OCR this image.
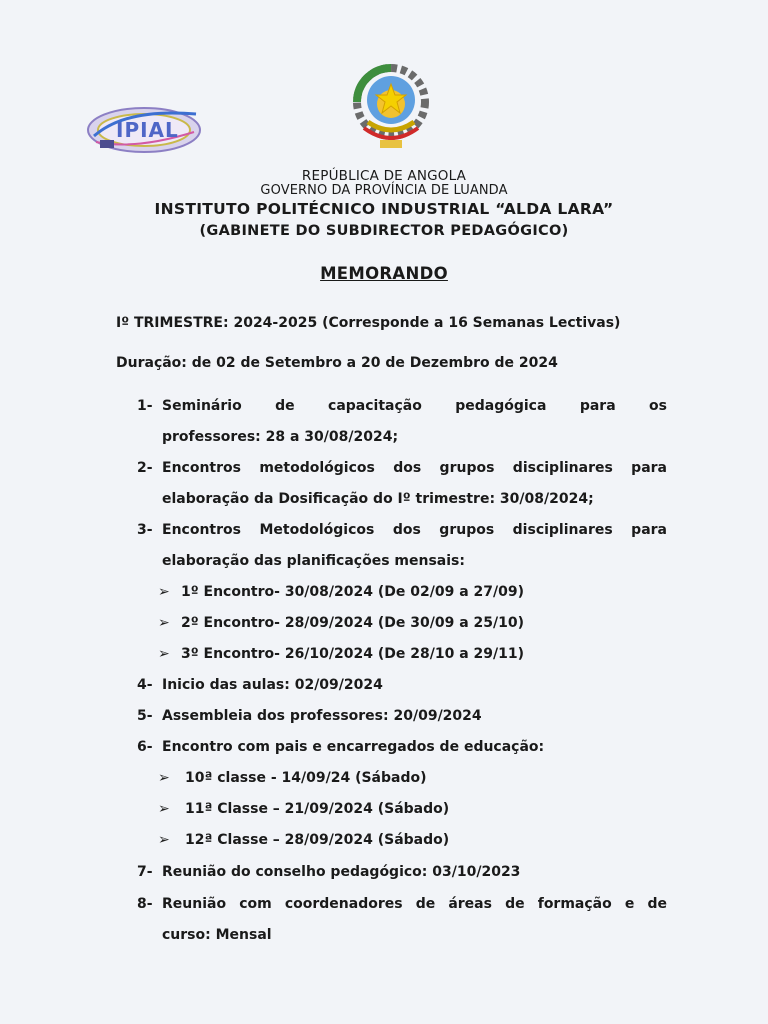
IPIAL
REPÚBLICA DE ANGOLA
GOVERNO DA PROVÍNCIA DE LUANDA
INSTITUTO POLITÉCNICO INDUSTRIAL “ALDA LARA”
(GABINETE DO SUBDIRECTOR PEDAGÓGICO)
MEMORANDO
Iº TRIMESTRE: 2024-2025 (Corresponde a 16 Semanas Lectivas)
Duração: de 02 de Setembro a 20 de Dezembro de 2024
1- Seminário de capacitação pedagógica para os
professores: 28 a 30/08/2024;
2- Encontros metodológicos dos grupos disciplinares para
elaboração da Dosificação do Iº trimestre: 30/08/2024;
3- Encontros Metodológicos dos grupos disciplinares para
elaboração das planificações mensais:
➢ 1º Encontro- 30/08/2024 (De 02/09 a 27/09)
➢ 2º Encontro- 28/09/2024 (De 30/09 a 25/10)
➢ 3º Encontro- 26/10/2024 (De 28/10 a 29/11)
4- Inicio das aulas: 02/09/2024
5- Assembleia dos professores: 20/09/2024
6- Encontro com pais e encarregados de educação:
➢ 10ª classe - 14/09/24 (Sábado)
➢ 11ª Classe – 21/09/2024 (Sábado)
➢ 12ª Classe – 28/09/2024 (Sábado)
7- Reunião do conselho pedagógico: 03/10/2023
8- Reunião com coordenadores de áreas de formação e de
curso: Mensal
